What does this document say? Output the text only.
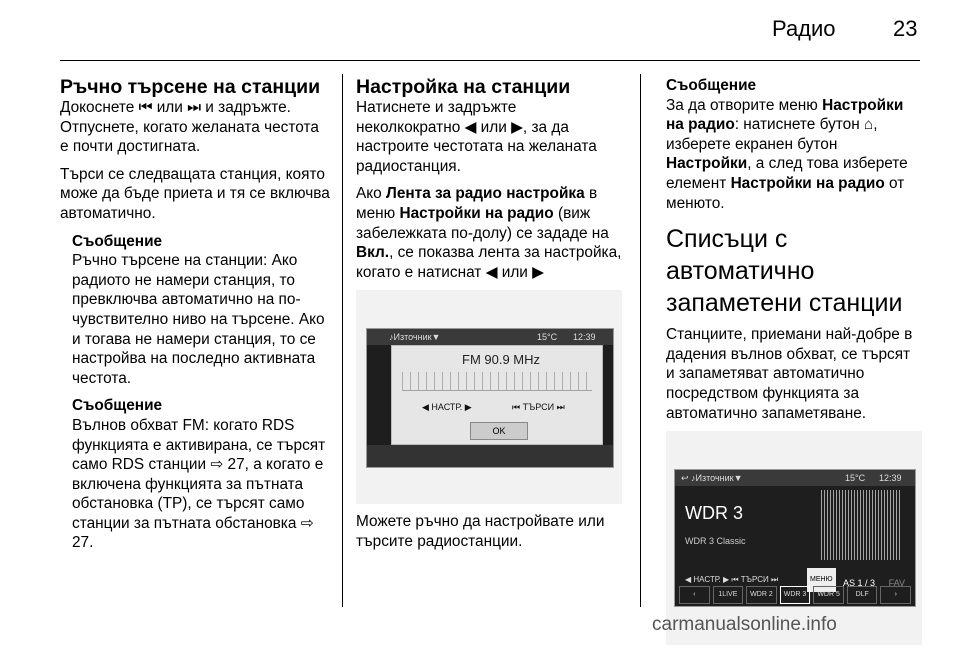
Радио	23
Ръчно търсене на станции

Докоснете ⏮ или ⏭ и задръжте. Отпуснете, когато желаната честота е почти достигната.

Търси се следващата станция, която може да бъде приета и тя се включва автоматично.

Съобщение

Ръчно търсене на станции: Ако радиото не намери станция, то превключва автоматично на по-чувствително ниво на търсене. Ако и тогава не намери станция, то се настройва на последно активната честота.

Съобщение

Вълнов обхват FM: когато RDS функцията е активирана, се търсят само RDS станции ⇨ 27, а когато е включена функцията за пътната обстановка (TP), се търсят само станции за пътната обстановка ⇨ 27.

Настройка на станции

Натиснете и задръжте неколкократно ◀ или ▶, за да настроите честотата на желаната радиостанция.

Ако Лента за радио настройка в меню Настройки на радио (виж забележката по-долу) се зададе на Вкл., се показва лента за настройка, когато е натиснат ◀ или ▶

♪Източник▼	15°C 12:39
FM 90.9 MHz
◀ НАСТР. ▶	⏮ ТЪРСИ ⏭
OK

Можете ръчно да настройвате или търсите радиостанции.

Съобщение

За да отворите меню Настройки на радио: натиснете бутон ⌂, изберете екранен бутон Настройки, а след това изберете елемент Настройки на радио от менюто.

Списъци с автоматично запаметени станции

Станциите, приемани най-добре в дадения вълнов обхват, се търсят и запаметяват автоматично посредством функцията за автоматично запаметяване.

↩ ♪Източник▼	15°C 12:39
WDR 3
WDR 3 Classic
◀ НАСТР. ▶ ⏮ ТЪРСИ ⏭	МЕНЮ	AS 1 / 3 FAV
‹	1LIVE	WDR 2	WDR 3	WDR 5	DLF	›
carmanualsonline.info
